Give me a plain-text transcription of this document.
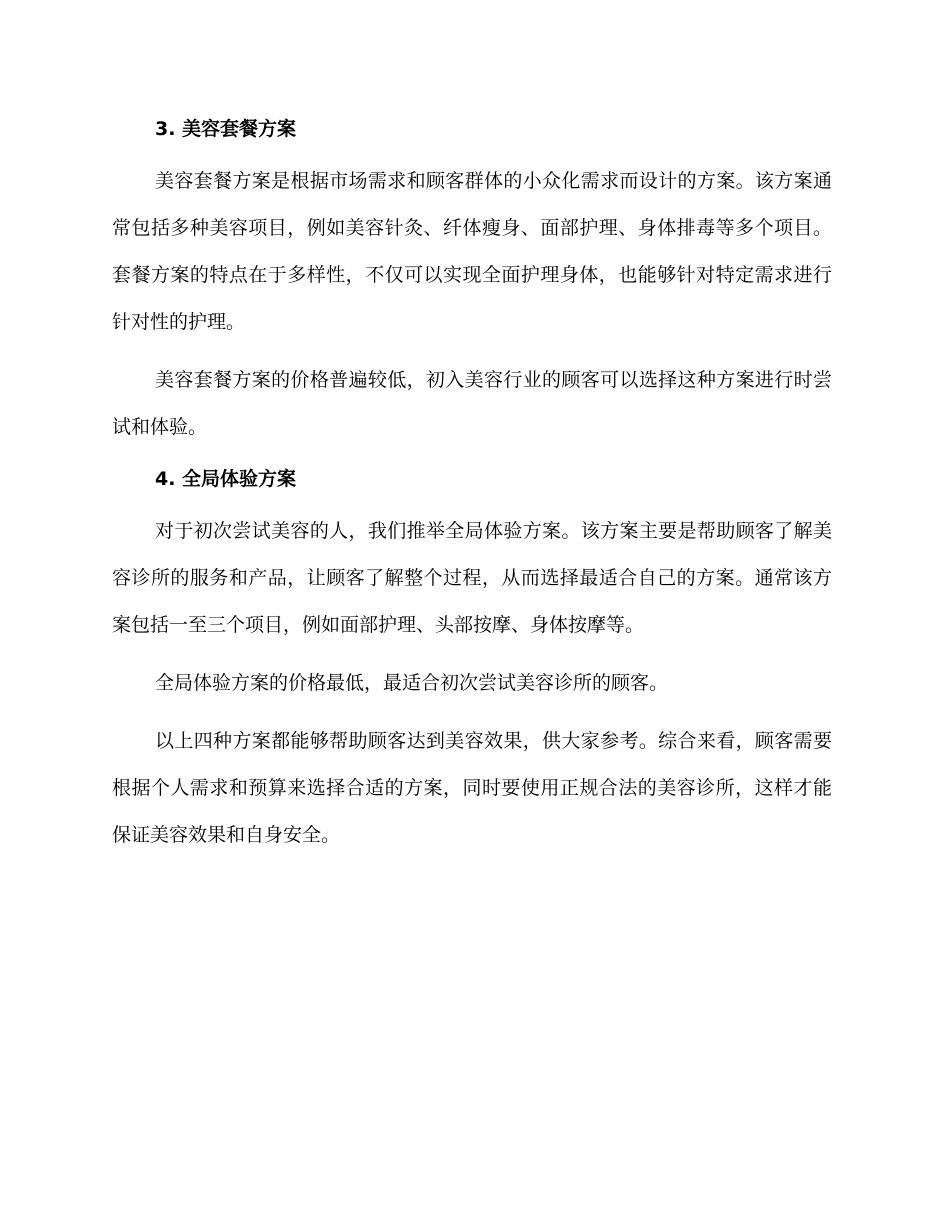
3. 美容套餐方案

美容套餐方案是根据市场需求和顾客群体的小众化需求而设计的方案。该方案通常包括多种美容项目，例如美容针灸、纤体瘦身、面部护理、身体排毒等多个项目。套餐方案的特点在于多样性，不仅可以实现全面护理身体，也能够针对特定需求进行针对性的护理。

美容套餐方案的价格普遍较低，初入美容行业的顾客可以选择这种方案进行时尝试和体验。

4. 全局体验方案

对于初次尝试美容的人，我们推举全局体验方案。该方案主要是帮助顾客了解美容诊所的服务和产品，让顾客了解整个过程，从而选择最适合自己的方案。通常该方案包括一至三个项目，例如面部护理、头部按摩、身体按摩等。

全局体验方案的价格最低，最适合初次尝试美容诊所的顾客。

以上四种方案都能够帮助顾客达到美容效果，供大家参考。综合来看，顾客需要根据个人需求和预算来选择合适的方案，同时要使用正规合法的美容诊所，这样才能保证美容效果和自身安全。
